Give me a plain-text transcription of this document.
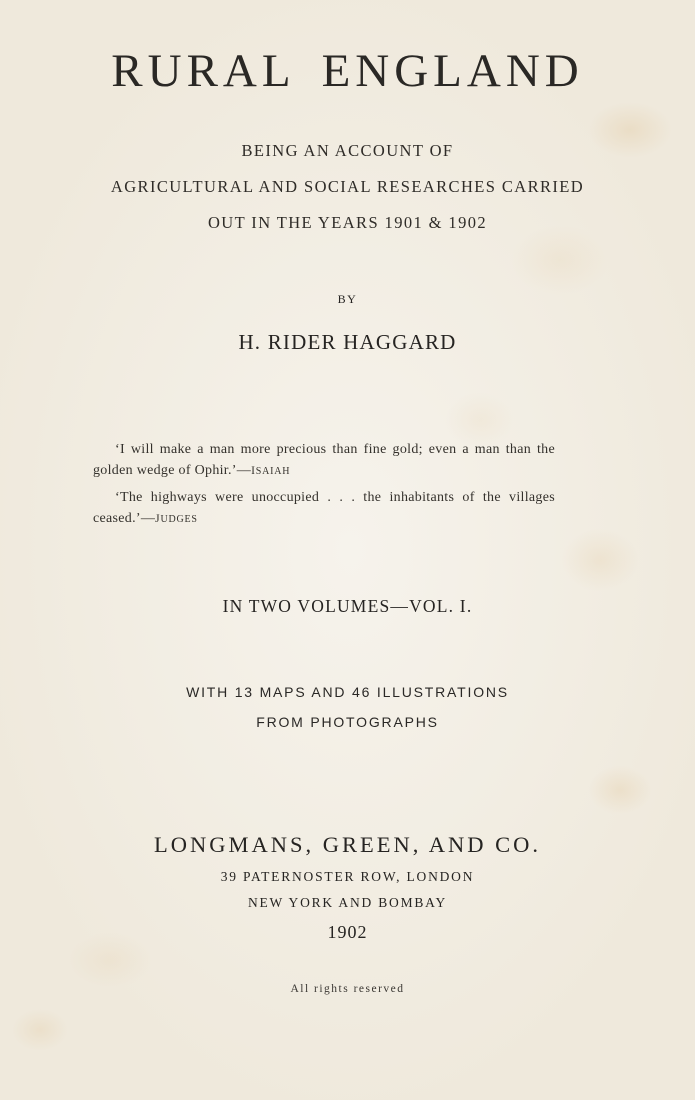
RURAL ENGLAND
BEING AN ACCOUNT OF
AGRICULTURAL AND SOCIAL RESEARCHES CARRIED
OUT IN THE YEARS 1901 & 1902
BY
H. RIDER HAGGARD
‘I will make a man more precious than fine gold; even a man than the golden wedge of Ophir.’—ISAIAH
‘The highways were unoccupied . . . the inhabitants of the villages ceased.’—JUDGES
IN TWO VOLUMES—VOL. I.
WITH 13 MAPS AND 46 ILLUSTRATIONS
FROM PHOTOGRAPHS
LONGMANS, GREEN, AND CO.
39 PATERNOSTER ROW, LONDON
NEW YORK AND BOMBAY
1902
All rights reserved
